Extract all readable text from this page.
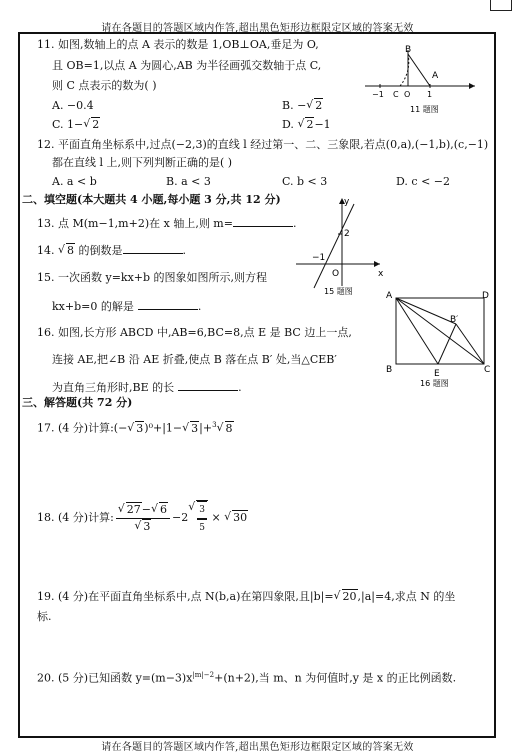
请在各题目的答题区域内作答,超出黑色矩形边框限定区域的答案无效
11. 如图,数轴上的点 A 表示的数是 1,OB⊥OA,垂足为 O,
且 OB=1,以点 A 为圆心,AB 为半径画弧交数轴于点 C,
则 C 点表示的数为( )
A. −0.4	B. − √ 2
C. 1− √ 2	D. √ 2−1
B
A
−1 C O 1
11 题图
12. 平面直角坐标系中,过点(−2,3)的直线 l 经过第一、二、三象限,若点(0,a),(−1,b),(c,−1)
都在直线 l 上,则下列判断正确的是( )
A. a < b	B. a < 3	C. b < 3	D. c < −2
二、填空题(本大题共 4 小题,每小题 3 分,共 12 分)
13. 点 M(m−1,m+2)在 x 轴上,则 m=	.
14. √ 8 的倒数是	.
15. 一次函数 y=kx+b 的图象如图所示,则方程
kx+b=0 的解是	.
y
x
2
−1
O
15 题图
16. 如图,长方形 ABCD 中,AB=6,BC=8,点 E 是 BC 边上一点,
连接 AE,把∠B 沿 AE 折叠,使点 B 落在点 B′ 处,当△CEB′
为直角三角形时,BE 的长	.
A	D
B	C
E
B′
16 题图
三、解答题(共 72 分)
17. (4 分)计算:(− √ 3)⁰+|1− √ 3|+$^3$ √ 8
18. (4 分)计算: √ 27− √ 6
√ 3 −2 √ $\frac{3}{5}$ × √ 30
19. (4 分)在平面直角坐标系中,点 N(b,a)在第四象限,且|b|= √ 20,|a|=4,求点 N 的坐
标.
20. (5 分)已知函数 $y=(m-3)x^{|m|-2}+(n+2)$,当 m、n 为何值时,y 是 x 的正比例函数.
请在各题目的答题区域内作答,超出黑色矩形边框限定区域的答案无效
